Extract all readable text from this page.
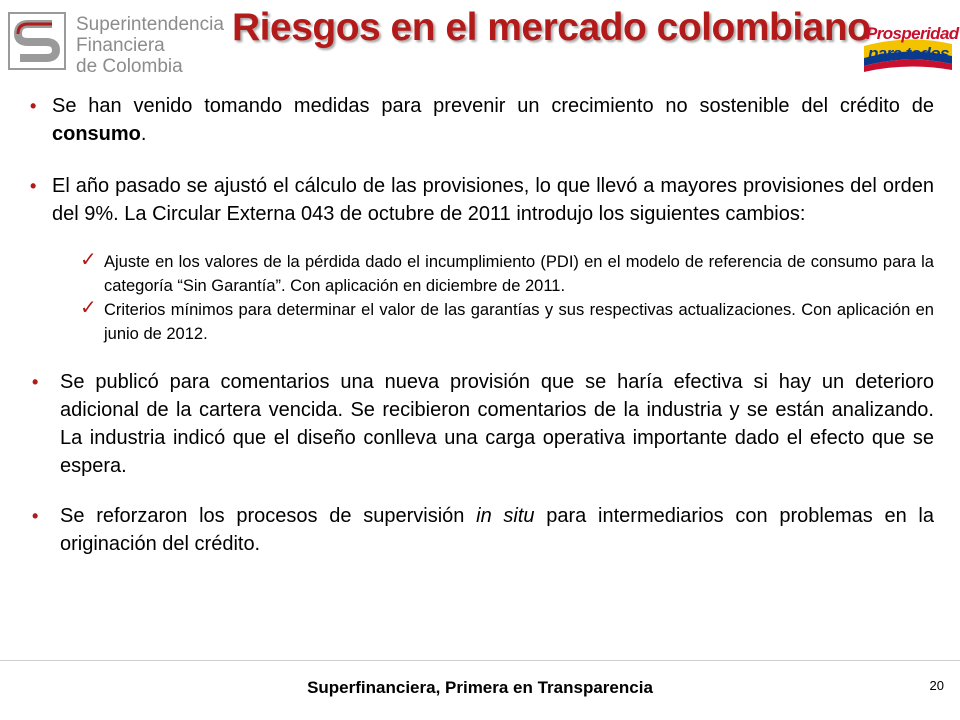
Superintendencia
Financiera
de Colombia
Riesgos en el mercado colombiano
Prosperidad
para todos
• Se han venido tomando medidas para prevenir un crecimiento no sostenible del crédito de consumo.
• El año pasado se ajustó el cálculo de las provisiones, lo que llevó a mayores provisiones del orden del 9%. La Circular Externa 043 de octubre de 2011 introdujo los siguientes cambios:
✓ Ajuste en los valores de la pérdida dado el incumplimiento (PDI) en el modelo de referencia de consumo para la categoría “Sin Garantía”. Con aplicación en diciembre de 2011.
✓ Criterios mínimos para determinar el valor de las garantías y sus respectivas actualizaciones. Con aplicación en junio de 2012.
• Se publicó para comentarios una nueva provisión que se haría efectiva si hay un deterioro adicional de la cartera vencida. Se recibieron comentarios de la industria y se están analizando. La industria indicó que el diseño conlleva una carga operativa importante dado el efecto que se espera.
• Se reforzaron los procesos de supervisión in situ para intermediarios con problemas en la originación del crédito.
Superfinanciera, Primera en Transparencia	20
